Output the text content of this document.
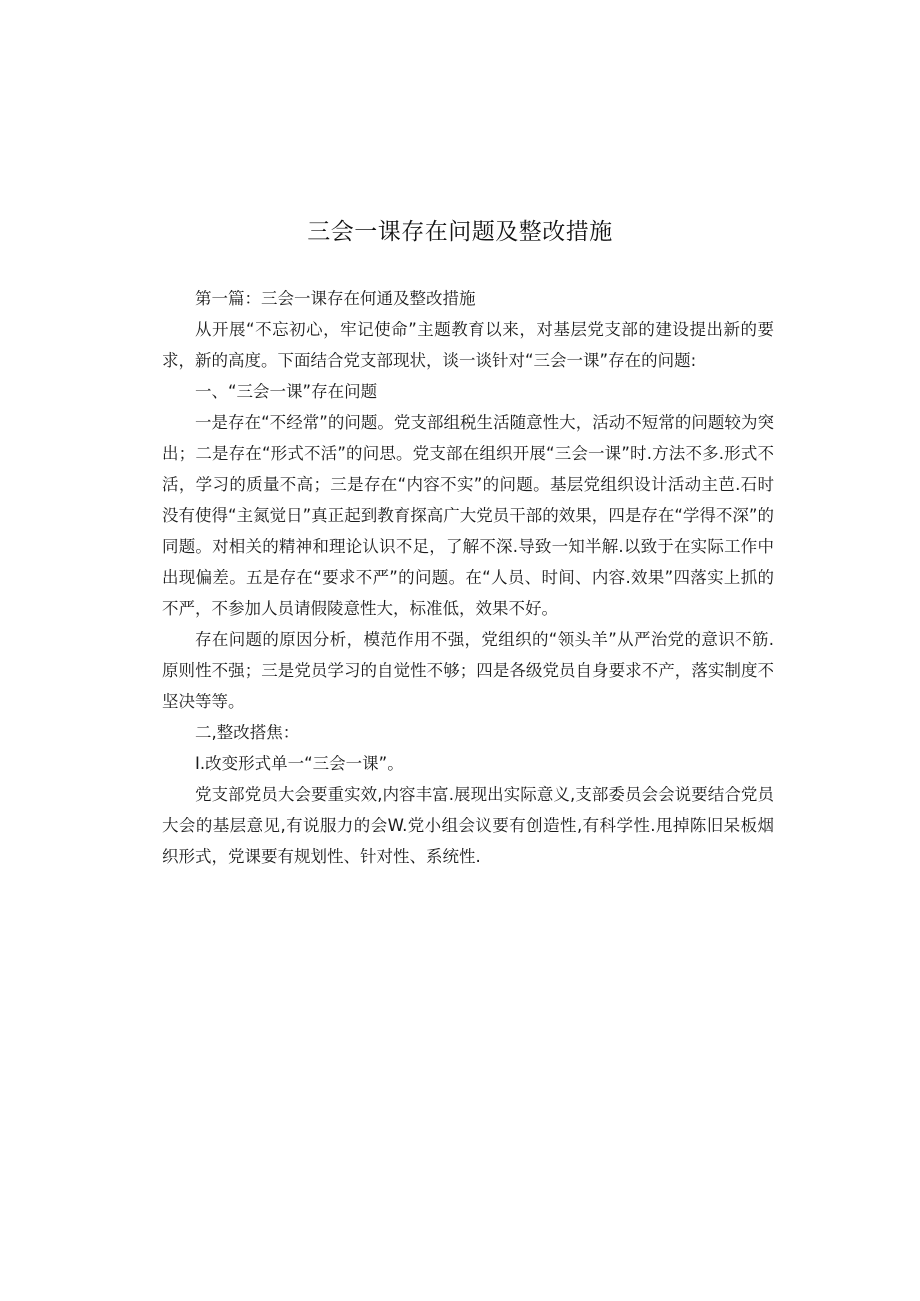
三会一课存在问题及整改措施

第一篇：三会一课存在何通及整改措施

从开展“不忘初心，牢记使命”主题教育以来，对基层党支部的建设提出新的要求，新的高度。下面结合党支部现状，谈一谈针对“三会一课”存在的问题:

一、“三会一课”存在问题

一是存在“不经常”的问题。党支部组税生活随意性大，活动不短常的问题较为突出；二是存在“形式不活”的问思。党支部在组织开展“三会一课”时.方法不多.形式不活，学习的质量不高；三是存在“内容不实”的问题。基层党组织设计活动主芭.石时没有使得“主氮觉日”真正起到教育探高广大党员干部的效果，四是存在“学得不深”的同题。对相关的精神和理论认识不足，了解不深.导致一知半解.以致于在实际工作中出现偏差。五是存在“要求不严”的问题。在“人员、时间、内容.效果”四落实上抓的不严，不参加人员请假陵意性大，标准低，效果不好。

存在问题的原因分析，模范作用不强，党组织的“领头羊”从严治党的意识不筋.原则性不强；三是党员学习的自觉性不够；四是各级党员自身要求不产，落实制度不坚决等等。

二,整改搭焦：

I.改变形式单一“三会一课”。

党支部党员大会要重实效,内容丰富.展现出实际意义,支部委员会会说要结合党员大会的基层意见,有说服力的会W.党小组会议要有创造性,有科学性.甩掉陈旧呆板烟织形式，党课要有规划性、针对性、系统性.
